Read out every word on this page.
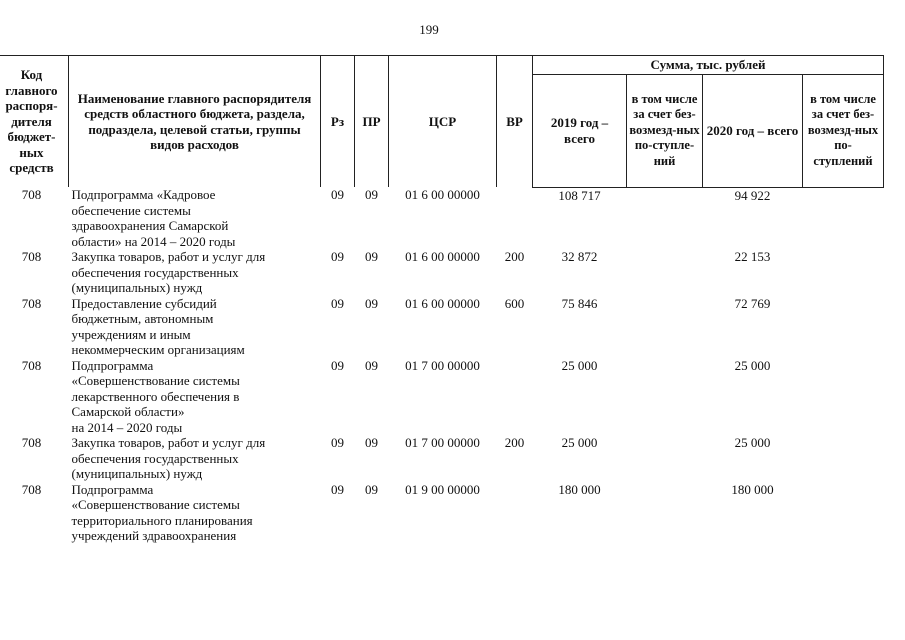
199
Код главного распоря-дителя бюджет-ных средств	Наименование главного распорядителя средств областного бюджета, раздела, подраздела, целевой статьи, группы видов расходов	Рз	ПР	ЦСР	ВР	Сумма, тыс. рублей			
						2019 год – всего	в том числе за счет без-возмезд-ных по-ступле-ний	2020 год – всего	в том числе за счет без-возмезд-ных по-ступлений
708	Подпрограмма «Кадровое
обеспечение системы
здравоохранения Самарской
области» на 2014 – 2020 годы	09	09	01 6 00 00000		108 717		94 922	
708	Закупка товаров, работ и услуг для
обеспечения государственных
(муниципальных) нужд	09	09	01 6 00 00000	200	32 872		22 153	
708	Предоставление субсидий
бюджетным, автономным
учреждениям и иным
некоммерческим организациям	09	09	01 6 00 00000	600	75 846		72 769	
708	Подпрограмма
«Совершенствование системы
лекарственного обеспечения в
Самарской области»
на 2014 – 2020 годы	09	09	01 7 00 00000		25 000		25 000	
708	Закупка товаров, работ и услуг для
обеспечения государственных
(муниципальных) нужд	09	09	01 7 00 00000	200	25 000		25 000	
708	Подпрограмма
«Совершенствование системы
территориального планирования
учреждений здравоохранения	09	09	01 9 00 00000		180 000		180 000	
